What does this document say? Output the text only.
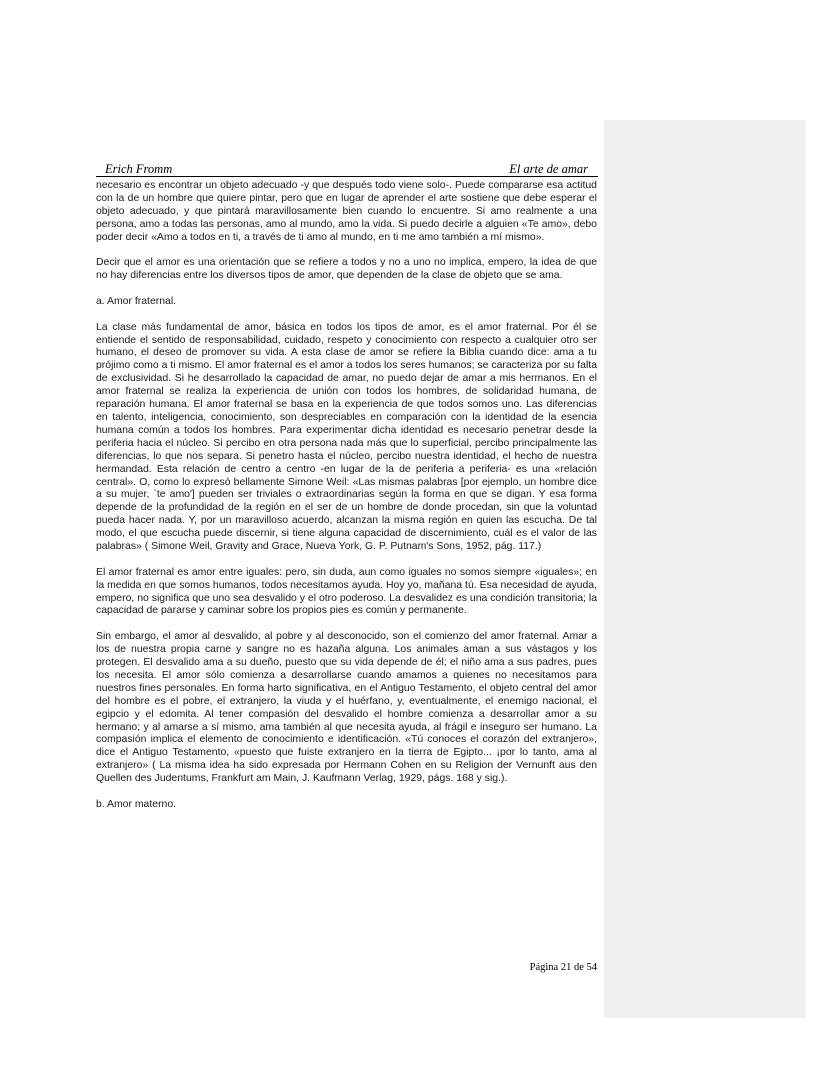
Erich Fromm	El arte de amar

necesario es encontrar un objeto adecuado -y que después todo viene solo-. Puede compararse esa actitud con la de un hombre que quiere pintar, pero que en lugar de aprender el arte sostiene que debe esperar el objeto adecuado, y que pintará maravillosamente bien cuando lo encuentre. Si amo realmente a una persona, amo a todas las personas, amo al mundo, amo la vida. Si puedo decirle a alguien «Te amo», debo poder decir «Amo a todos en ti, a través de ti amo al mundo, en ti me amo también a mí mismo».

Decir que el amor es una orientación que se refiere a todos y no a uno no implica, empero, la idea de que no hay diferencias entre los diversos tipos de amor, que dependen de la clase de objeto que se ama.

a. Amor fraternal.

La clase más fundamental de amor, básica en todos los tipos de amor, es el amor fraternal. Por él se entiende el sentido de responsabilidad, cuidado, respeto y conocimiento con respecto a cualquier otro ser humano, el deseo de promover su vida. A esta clase de amor se refiere la Biblia cuando dice: ama a tu prójimo como a ti mismo. El amor fraternal es el amor a todos los seres humanos; se caracteriza por su falta de exclusividad. Si he desarrollado la capacidad de amar, no puedo dejar de amar a mis hermanos. En el amor fraternal se realiza la experiencia de unión con todos los hombres, de solidaridad humana, de reparación humana. El amor fraternal se basa en la experiencia de que todos somos uno. Las diferencias en talento, inteligencia, conocimiento, son despreciables en comparación con la identidad de la esencia humana común a todos los hombres. Para experimentar dicha identidad es necesario penetrar desde la periferia hacia el núcleo. Si percibo en otra persona nada más que lo superficial, percibo principalmente las diferencias, lo que nos separa. Si penetro hasta el núcleo, percibo nuestra identidad, el hecho de nuestra hermandad. Esta relación de centro a centro -en lugar de la de periferia a periferia- es una «relación central». O, como lo expresó bellamente Simone Weil: «Las mismas palabras [por ejemplo, un hombre dice a su mujer, `te amo'] pueden ser triviales o extraordinarias según la forma en que se digan. Y esa forma depende de la profundidad de la región en el ser de un hombre de donde procedan, sin que la voluntad pueda hacer nada. Y, por un maravilloso acuerdo, alcanzan la misma región en quien las escucha. De tal modo, el que escucha puede discernir, si tiene alguna capacidad de discernimiento, cuál es el valor de las palabras» ( Simone Weil, Gravity and Grace, Nueva York, G. P. Putnam's Sons, 1952, pág. 117.)

El amor fraternal es amor entre iguales: pero, sin duda, aun como iguales no somos siempre «iguales»; en la medida en que somos humanos, todos necesitamos ayuda. Hoy yo, mañana tú. Esa necesidad de ayuda, empero, no significa que uno sea desvalido y el otro poderoso. La desvalidez es una condición transitoria; la capacidad de pararse y caminar sobre los propios pies es común y permanente.

Sin embargo, el amor al desvalido, al pobre y al desconocido, son el comienzo del amor fraternal. Amar a los de nuestra propia carne y sangre no es hazaña alguna. Los animales aman a sus vástagos y los protegen. El desvalido ama a su dueño, puesto que su vida depende de él; el niño ama a sus padres, pues los necesita. El amor sólo comienza a desarrollarse cuando amamos a quienes no necesitamos para nuestros fines personales. En forma harto significativa, en el Antiguo Testamento, el objeto central del amor del hombre es el pobre, el extranjero, la viuda y el huérfano, y, eventualmente, el enemigo nacional, el egipcio y el edomita. Al tener compasión del desvalido el hombre comienza a desarrollar amor a su hermano; y al amarse a sí mismo, ama también al que necesita ayuda, al frágil e inseguro ser humano. La compasión implica el elemento de conocimiento e identificación. «Tú conoces el corazón del extranjero», dice el Antiguo Testamento, «puesto que fuiste extranjero en la tierra de Egipto... ¡por lo tanto, ama al extranjero» ( La misma idea ha sido expresada por Hermann Cohen en su Religion der Vernunft aus den Quellen des Judentums, Frankfurt am Main, J. Kaufmann Verlag, 1929, págs. 168 y sig.).

b. Amor materno.

Página 21 de 54
